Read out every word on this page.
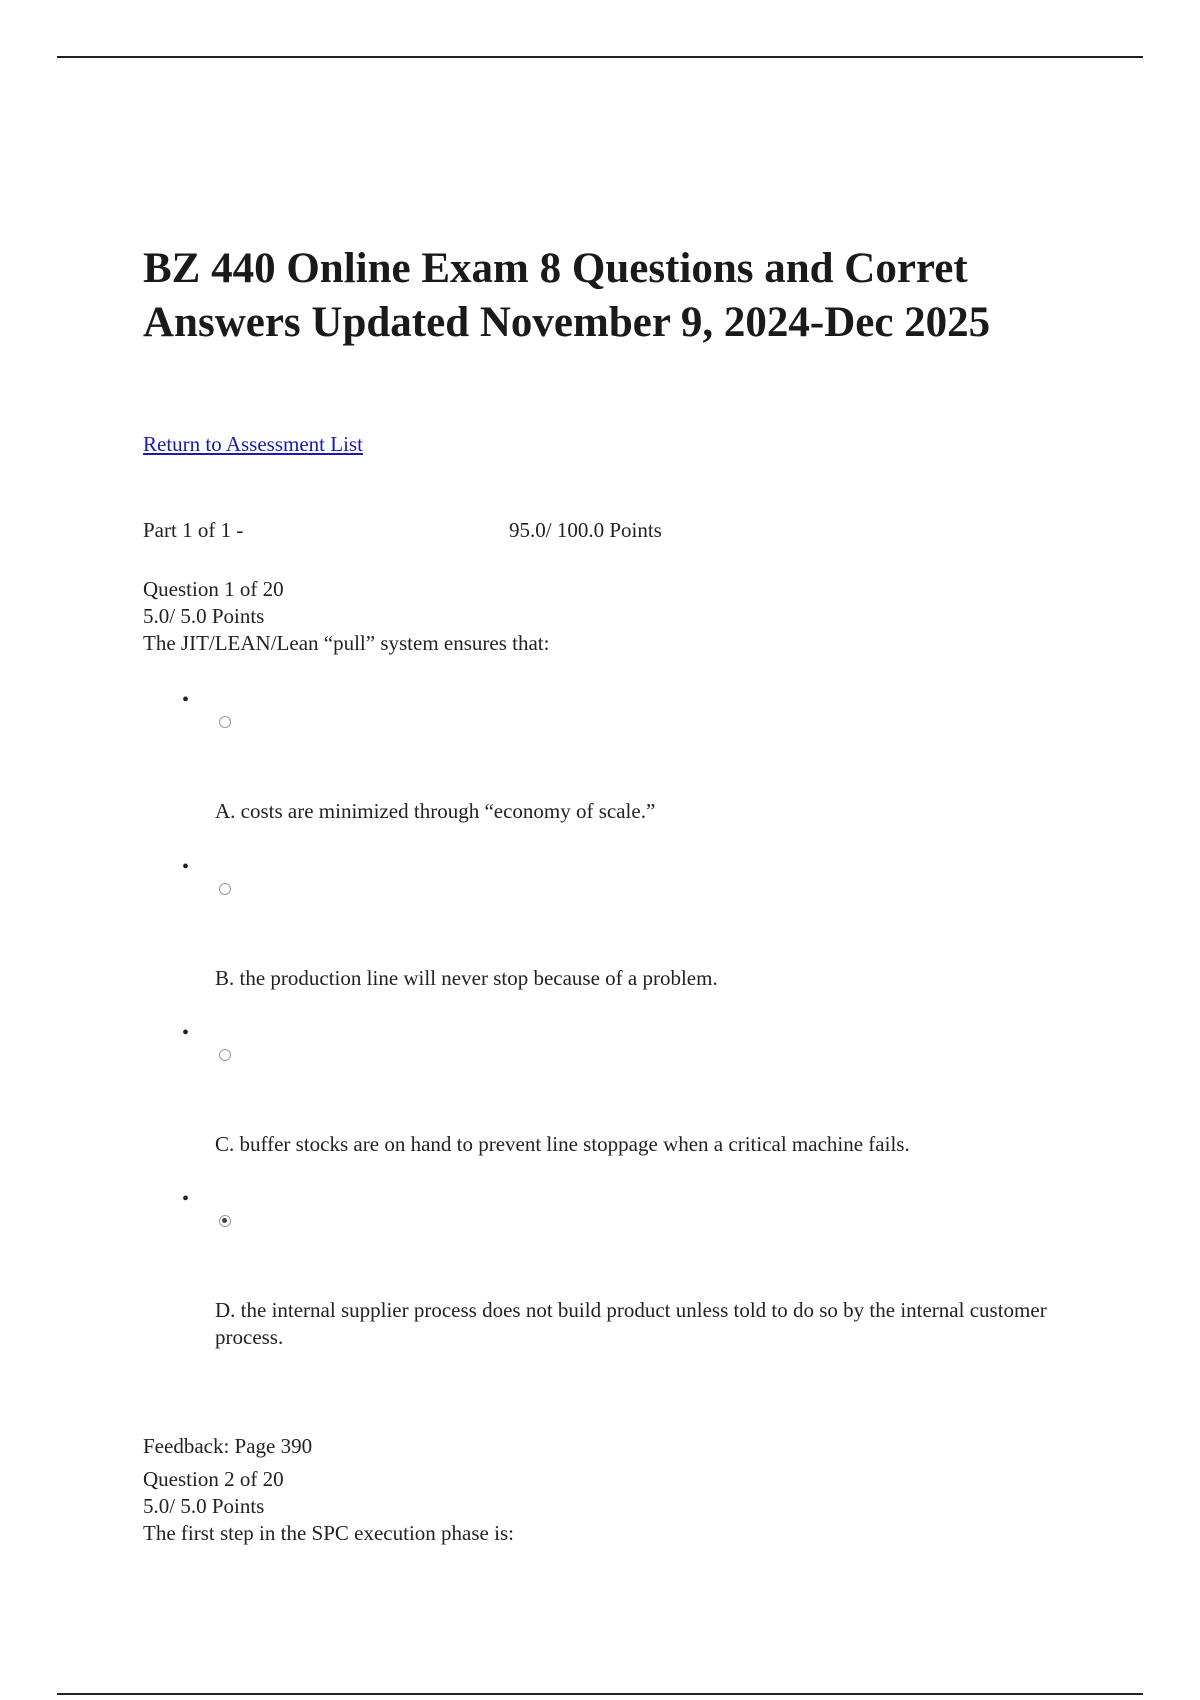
BZ 440 Online Exam 8 Questions and Corret Answers Updated November 9, 2024-Dec 2025
Return to Assessment List
Part 1 of 1 -	95.0/ 100.0 Points
Question 1 of 20
5.0/ 5.0 Points
The JIT/LEAN/Lean “pull” system ensures that:
•
A. costs are minimized through “economy of scale.”
•
B. the production line will never stop because of a problem.
•
C. buffer stocks are on hand to prevent line stoppage when a critical machine fails.
•
D. the internal supplier process does not build product unless told to do so by the internal customer process.
Feedback: Page 390
Question 2 of 20
5.0/ 5.0 Points
The first step in the SPC execution phase is:
